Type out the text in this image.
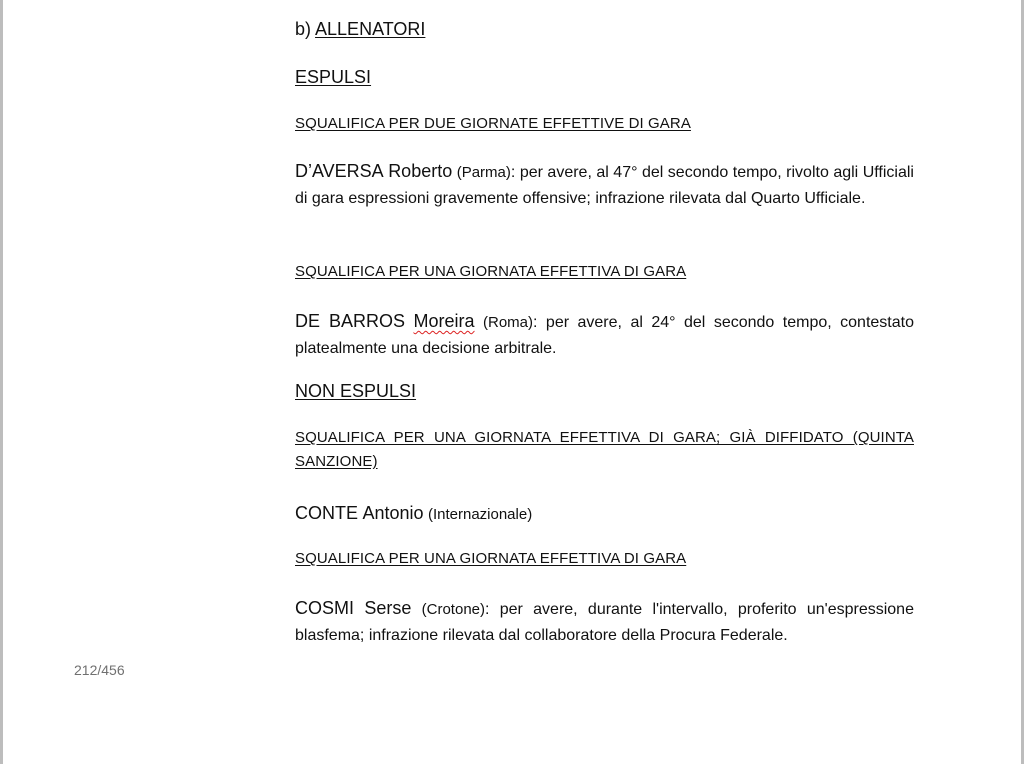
212/456

b) ALLENATORI

ESPULSI

SQUALIFICA PER DUE GIORNATE EFFETTIVE DI GARA

D’AVERSA Roberto (Parma): per avere, al 47° del secondo tempo, rivolto agli Ufficiali di gara espressioni gravemente offensive; infrazione rilevata dal Quarto Ufficiale.

SQUALIFICA PER UNA GIORNATA EFFETTIVA DI GARA

DE BARROS Moreira (Roma): per avere, al 24° del secondo tempo, contestato platealmente una decisione arbitrale.

NON ESPULSI

SQUALIFICA PER UNA GIORNATA EFFETTIVA DI GARA; GIÀ DIFFIDATO (QUINTA SANZIONE)

CONTE Antonio (Internazionale)

SQUALIFICA PER UNA GIORNATA EFFETTIVA DI GARA

COSMI Serse (Crotone): per avere, durante l'intervallo, proferito un'espressione blasfema; infrazione rilevata dal collaboratore della Procura Federale.
